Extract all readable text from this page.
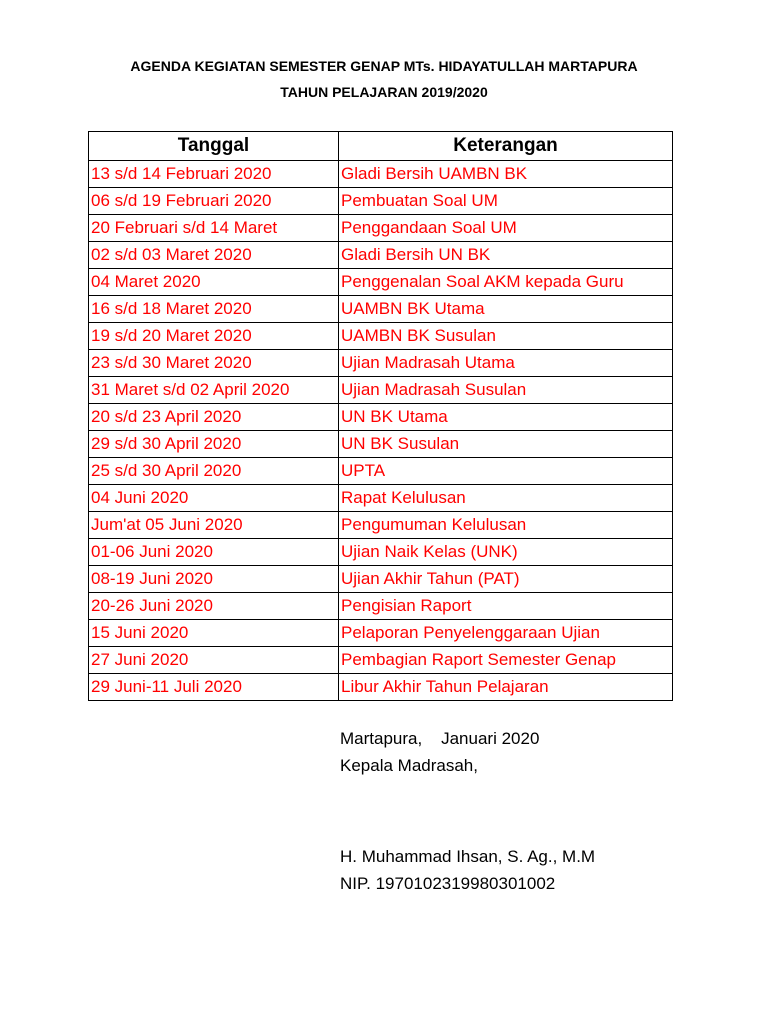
AGENDA KEGIATAN SEMESTER GENAP MTs. HIDAYATULLAH MARTAPURA
TAHUN PELAJARAN 2019/2020
Tanggal	Keterangan
13 s/d 14 Februari 2020	Gladi Bersih UAMBN BK
06 s/d 19 Februari 2020	Pembuatan Soal UM
20 Februari s/d 14 Maret	Penggandaan Soal UM
02 s/d 03 Maret 2020	Gladi Bersih UN BK
04 Maret 2020	Penggenalan Soal AKM kepada Guru
16 s/d 18 Maret 2020	UAMBN BK Utama
19 s/d 20 Maret 2020	UAMBN BK Susulan
23 s/d 30 Maret 2020	Ujian Madrasah Utama
31 Maret s/d 02 April 2020	Ujian Madrasah Susulan
20 s/d 23 April 2020	UN BK Utama
29 s/d 30 April 2020	UN BK Susulan
25 s/d 30 April 2020	UPTA
04 Juni 2020	Rapat Kelulusan
Jum'at 05 Juni 2020	Pengumuman Kelulusan
01-06 Juni 2020	Ujian Naik Kelas (UNK)
08-19 Juni 2020	Ujian Akhir Tahun (PAT)
20-26 Juni 2020	Pengisian Raport
15 Juni 2020	Pelaporan Penyelenggaraan Ujian
27 Juni 2020	Pembagian Raport Semester Genap
29 Juni-11 Juli 2020	Libur Akhir Tahun Pelajaran
Martapura,    Januari 2020
Kepala Madrasah,
H. Muhammad Ihsan, S. Ag., M.M
NIP. 197010231998030100​2
